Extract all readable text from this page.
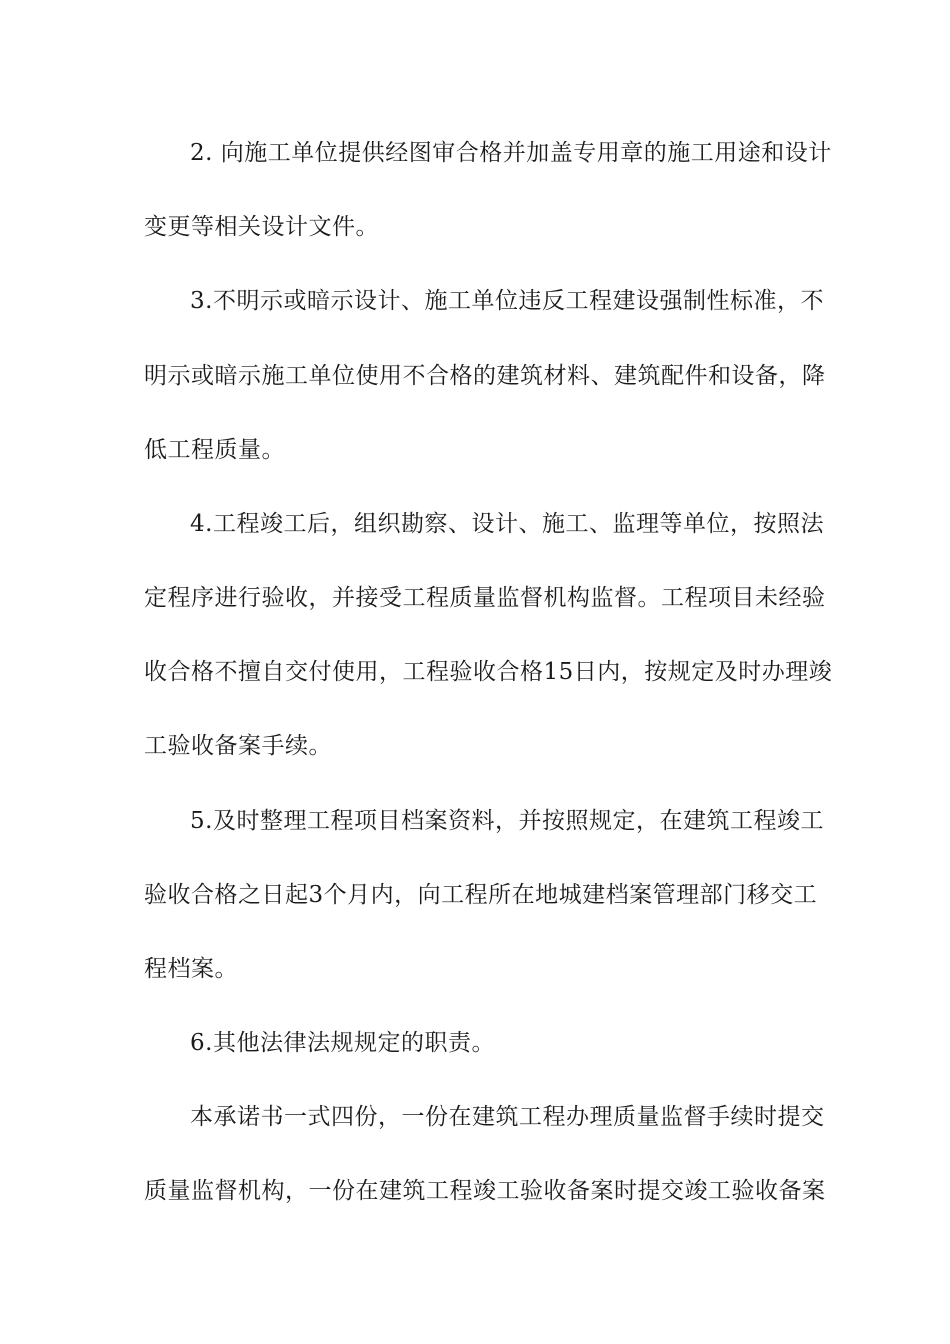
2. 向施工单位提供经图审合格并加盖专用章的施工用途和设计
变更等相关设计文件。
3.不明示或暗示设计、施工单位违反工程建设强制性标准，不
明示或暗示施工单位使用不合格的建筑材料、建筑配件和设备，降
低工程质量。
4.工程竣工后，组织勘察、设计、施工、监理等单位，按照法
定程序进行验收，并接受工程质量监督机构监督。工程项目未经验
收合格不擅自交付使用，工程验收合格15日内，按规定及时办理竣
工验收备案手续。
5.及时整理工程项目档案资料，并按照规定，在建筑工程竣工
验收合格之日起3个月内，向工程所在地城建档案管理部门移交工
程档案。
6.其他法律法规规定的职责。
本承诺书一式四份，一份在建筑工程办理质量监督手续时提交
质量监督机构，一份在建筑工程竣工验收备案时提交竣工验收备案
